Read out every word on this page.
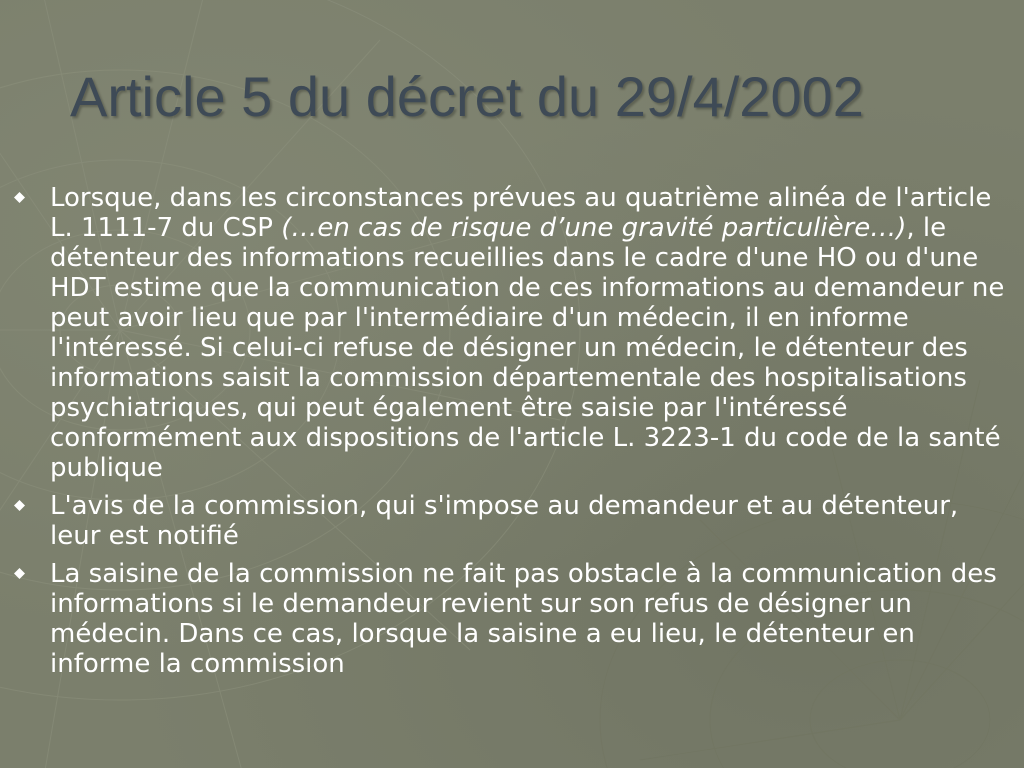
Article 5 du décret du 29/4/2002
Lorsque, dans les circonstances prévues au quatrième alinéa de l'article L. 1111-7 du CSP (…en cas de risque d’une gravité particulière…), le détenteur des informations recueillies dans le cadre d'une HO ou d'une HDT estime que la communication de ces informations au demandeur ne peut avoir lieu que par l'intermédiaire d'un médecin, il en informe l'intéressé. Si celui-ci refuse de désigner un médecin, le détenteur des informations saisit la commission départementale des hospitalisations psychiatriques, qui peut également être saisie par l'intéressé conformément aux dispositions de l'article L. 3223-1 du code de la santé publique
L'avis de la commission, qui s'impose au demandeur et au détenteur, leur est notifié
La saisine de la commission ne fait pas obstacle à la communication des informations si le demandeur revient sur son refus de désigner un médecin. Dans ce cas, lorsque la saisine a eu lieu, le détenteur en informe la commission
